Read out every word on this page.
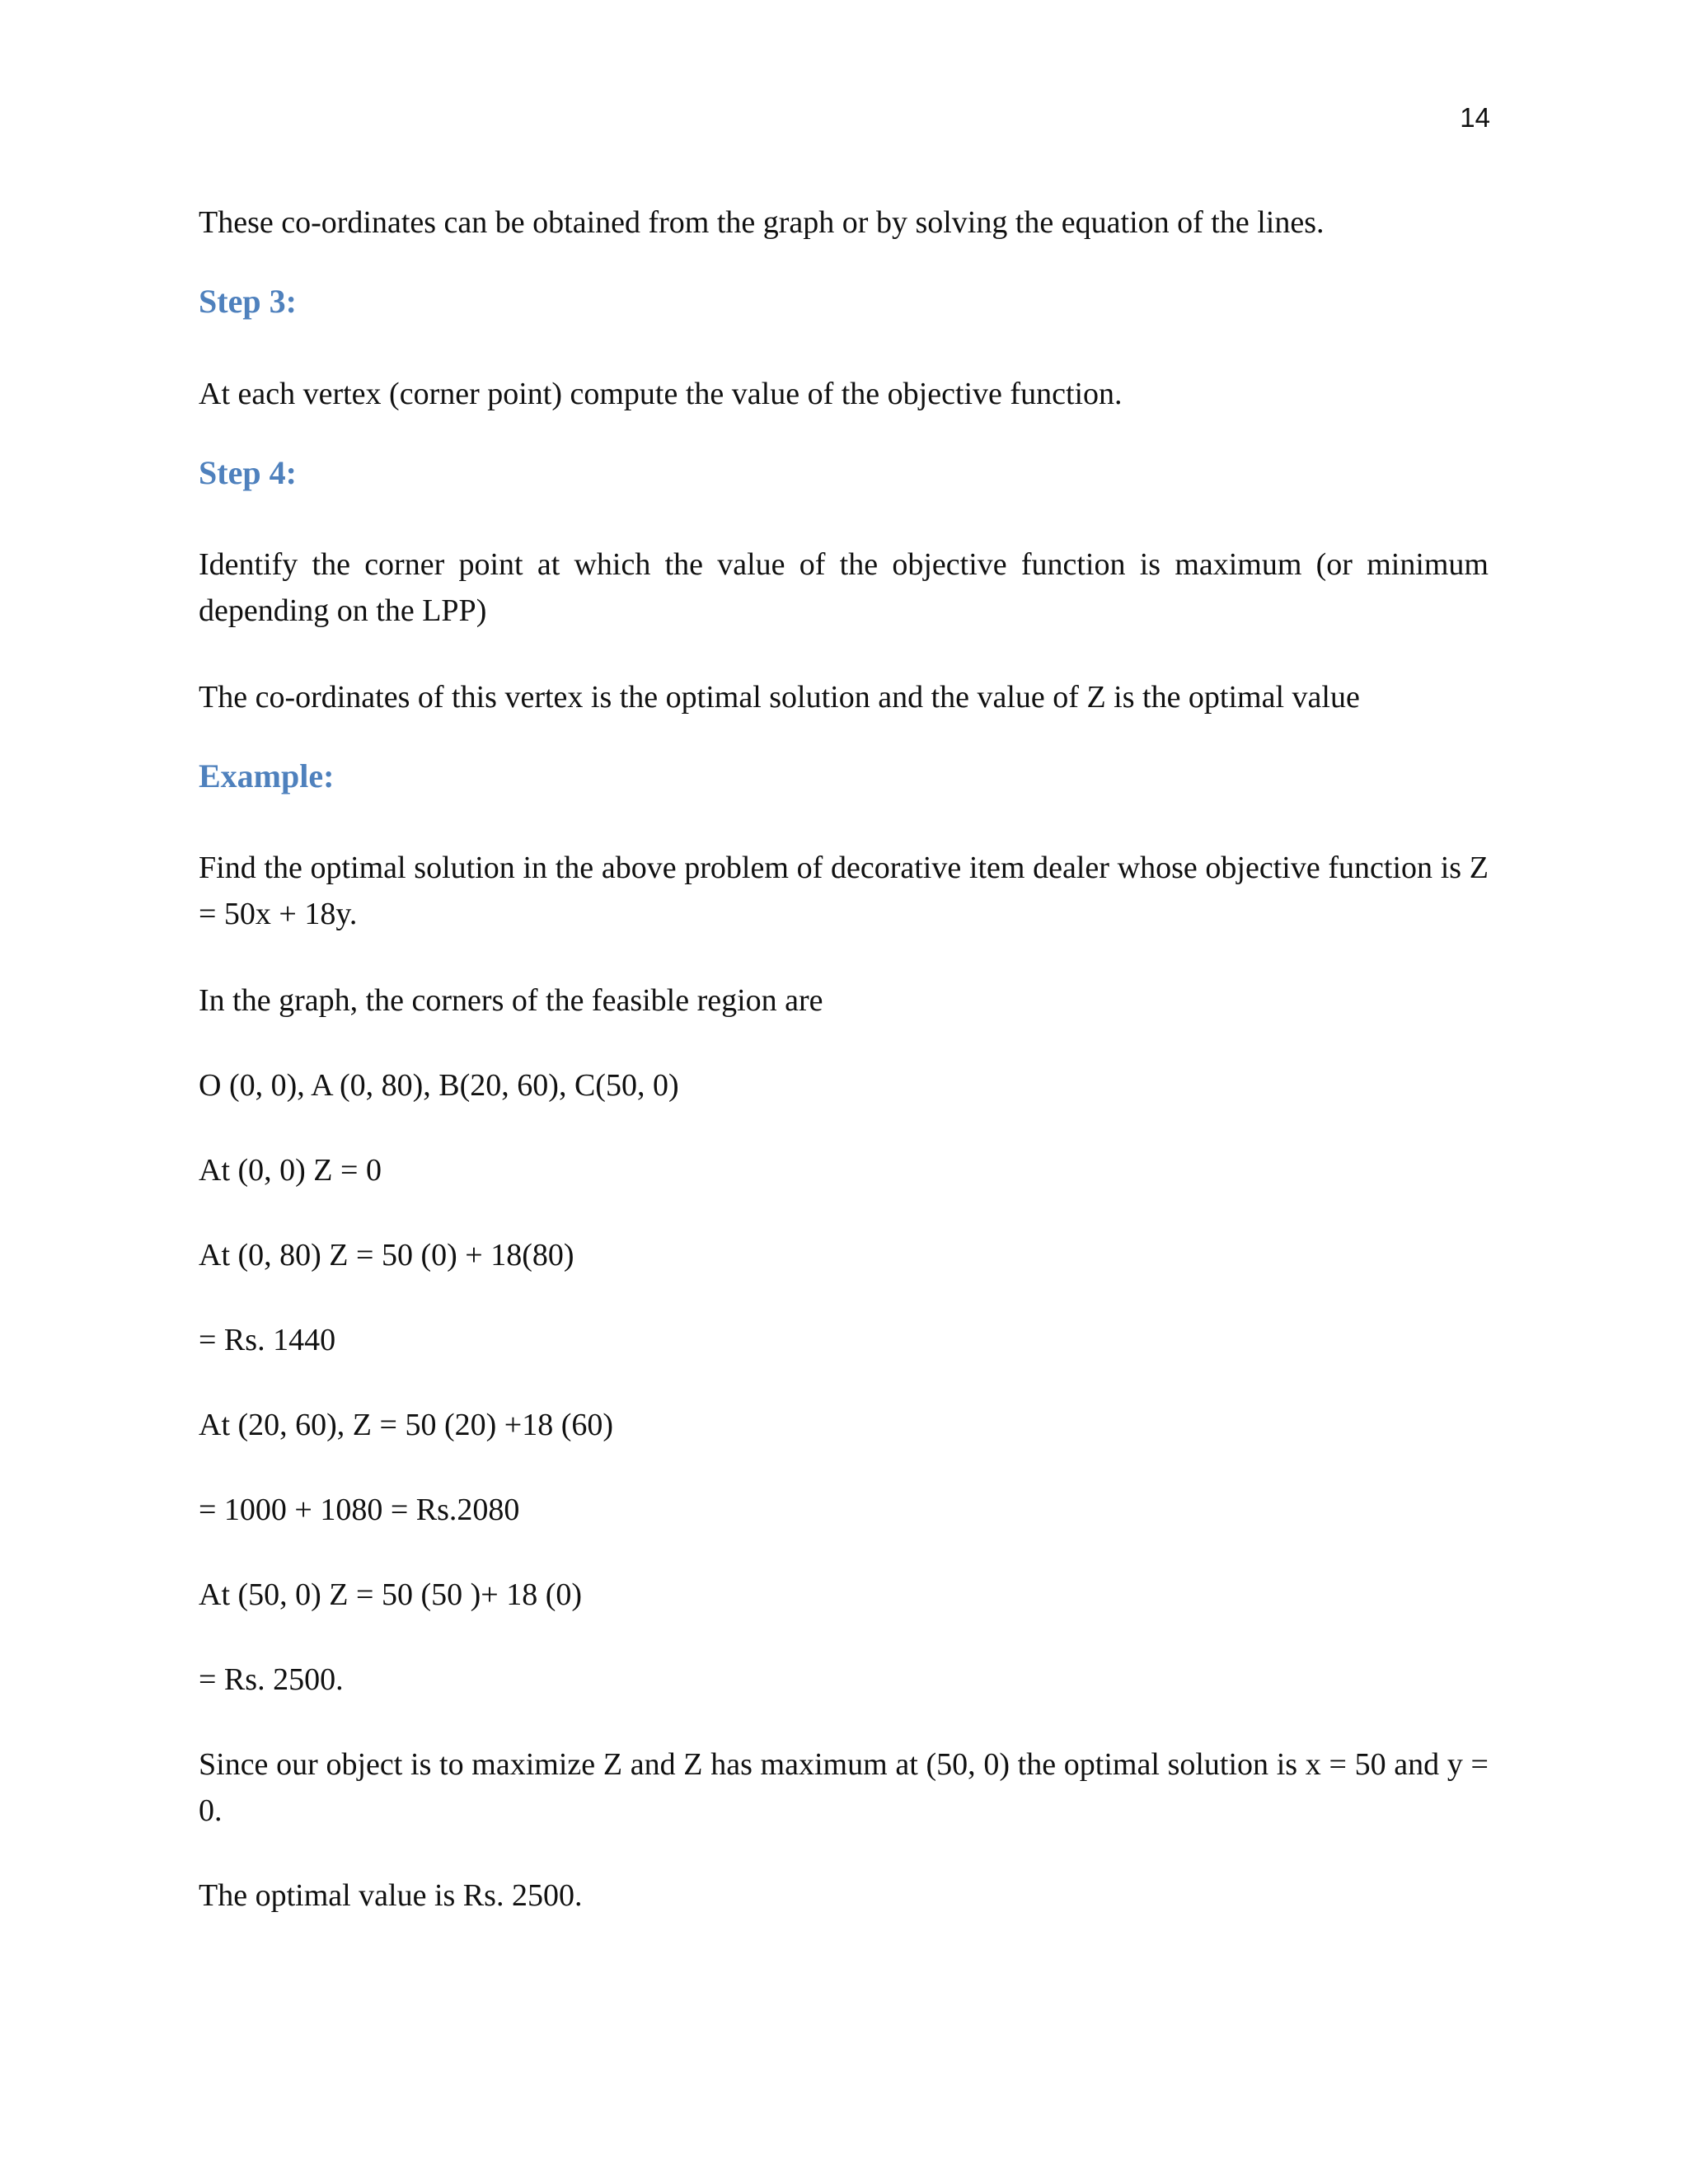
14

These co-ordinates can be obtained from the graph or by solving the equation of the lines.

Step 3:

At each vertex (corner point) compute the value of the objective function.

Step 4:

Identify the corner point at which the value of the objective function is maximum (or minimum depending on the LPP)

The co-ordinates of this vertex is the optimal solution and the value of Z is the optimal value

Example:

Find the optimal solution in the above problem of decorative item dealer whose objective function is Z = 50x + 18y.

In the graph, the corners of the feasible region are

O (0, 0), A (0, 80), B(20, 60), C(50, 0)

At (0, 0) Z = 0

At (0, 80) Z = 50 (0) + 18(80)

= Rs. 1440

At (20, 60), Z = 50 (20) +18 (60)

= 1000 + 1080 = Rs.2080

At (50, 0) Z = 50 (50 )+ 18 (0)

= Rs. 2500.

Since our object is to maximize Z and Z has maximum at (50, 0) the optimal solution is x = 50 and y = 0.

The optimal value is Rs. 2500.
